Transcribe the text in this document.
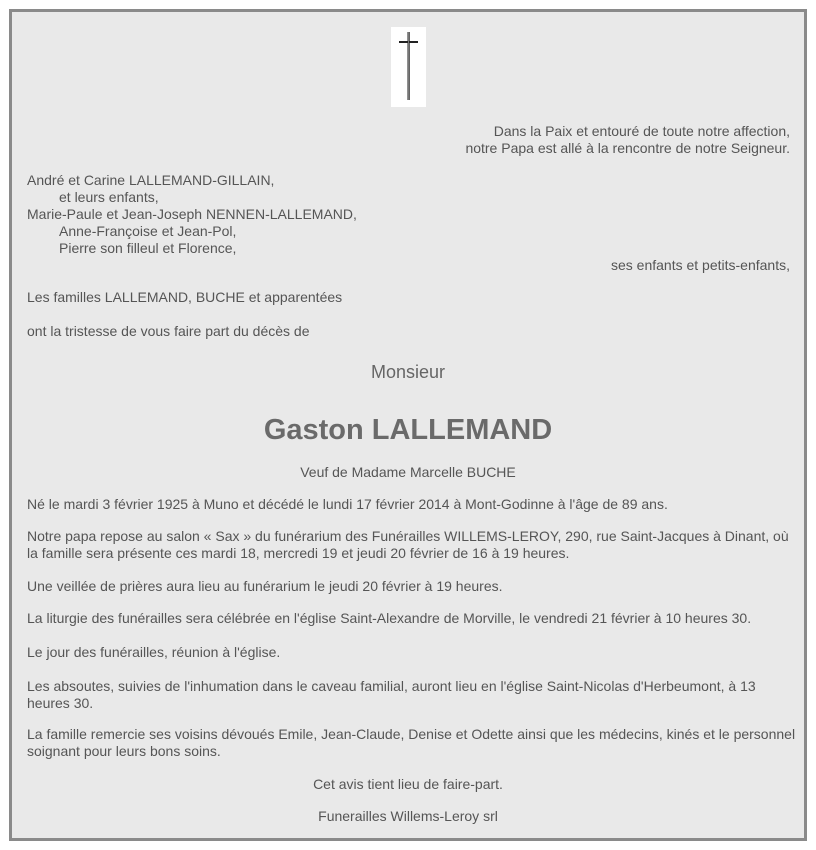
Dans la Paix et entouré de toute notre affection,
notre Papa est allé à la rencontre de notre Seigneur.
André et Carine LALLEMAND-GILLAIN,
et leurs enfants,
Marie-Paule et Jean-Joseph NENNEN-LALLEMAND,
Anne-Françoise et Jean-Pol,
Pierre son filleul et Florence,
ses enfants et petits-enfants,
Les familles LALLEMAND, BUCHE et apparentées
ont la tristesse de vous faire part du décès de
Monsieur
Gaston LALLEMAND
Veuf de Madame Marcelle BUCHE
Né le mardi 3 février 1925 à Muno et décédé le lundi 17 février 2014 à Mont-Godinne à l'âge de 89 ans.
Notre papa repose au salon « Sax » du funérarium des Funérailles WILLEMS-LEROY, 290, rue Saint-Jacques à Dinant, où la famille sera présente ces mardi 18, mercredi 19 et jeudi 20 février de 16 à 19 heures.
Une veillée de prières aura lieu au funérarium le jeudi 20 février à 19 heures.
La liturgie des funérailles sera célébrée en l'église Saint-Alexandre de Morville, le vendredi 21 février à 10 heures 30.
Le jour des funérailles, réunion à l'église.
Les absoutes, suivies de l'inhumation dans le caveau familial, auront lieu en l'église Saint-Nicolas d'Herbeumont, à 13 heures 30.
La famille remercie ses voisins dévoués Emile, Jean-Claude, Denise et Odette ainsi que les médecins, kinés et le personnel soignant pour leurs bons soins.
Cet avis tient lieu de faire-part.
Funerailles Willems-Leroy srl
